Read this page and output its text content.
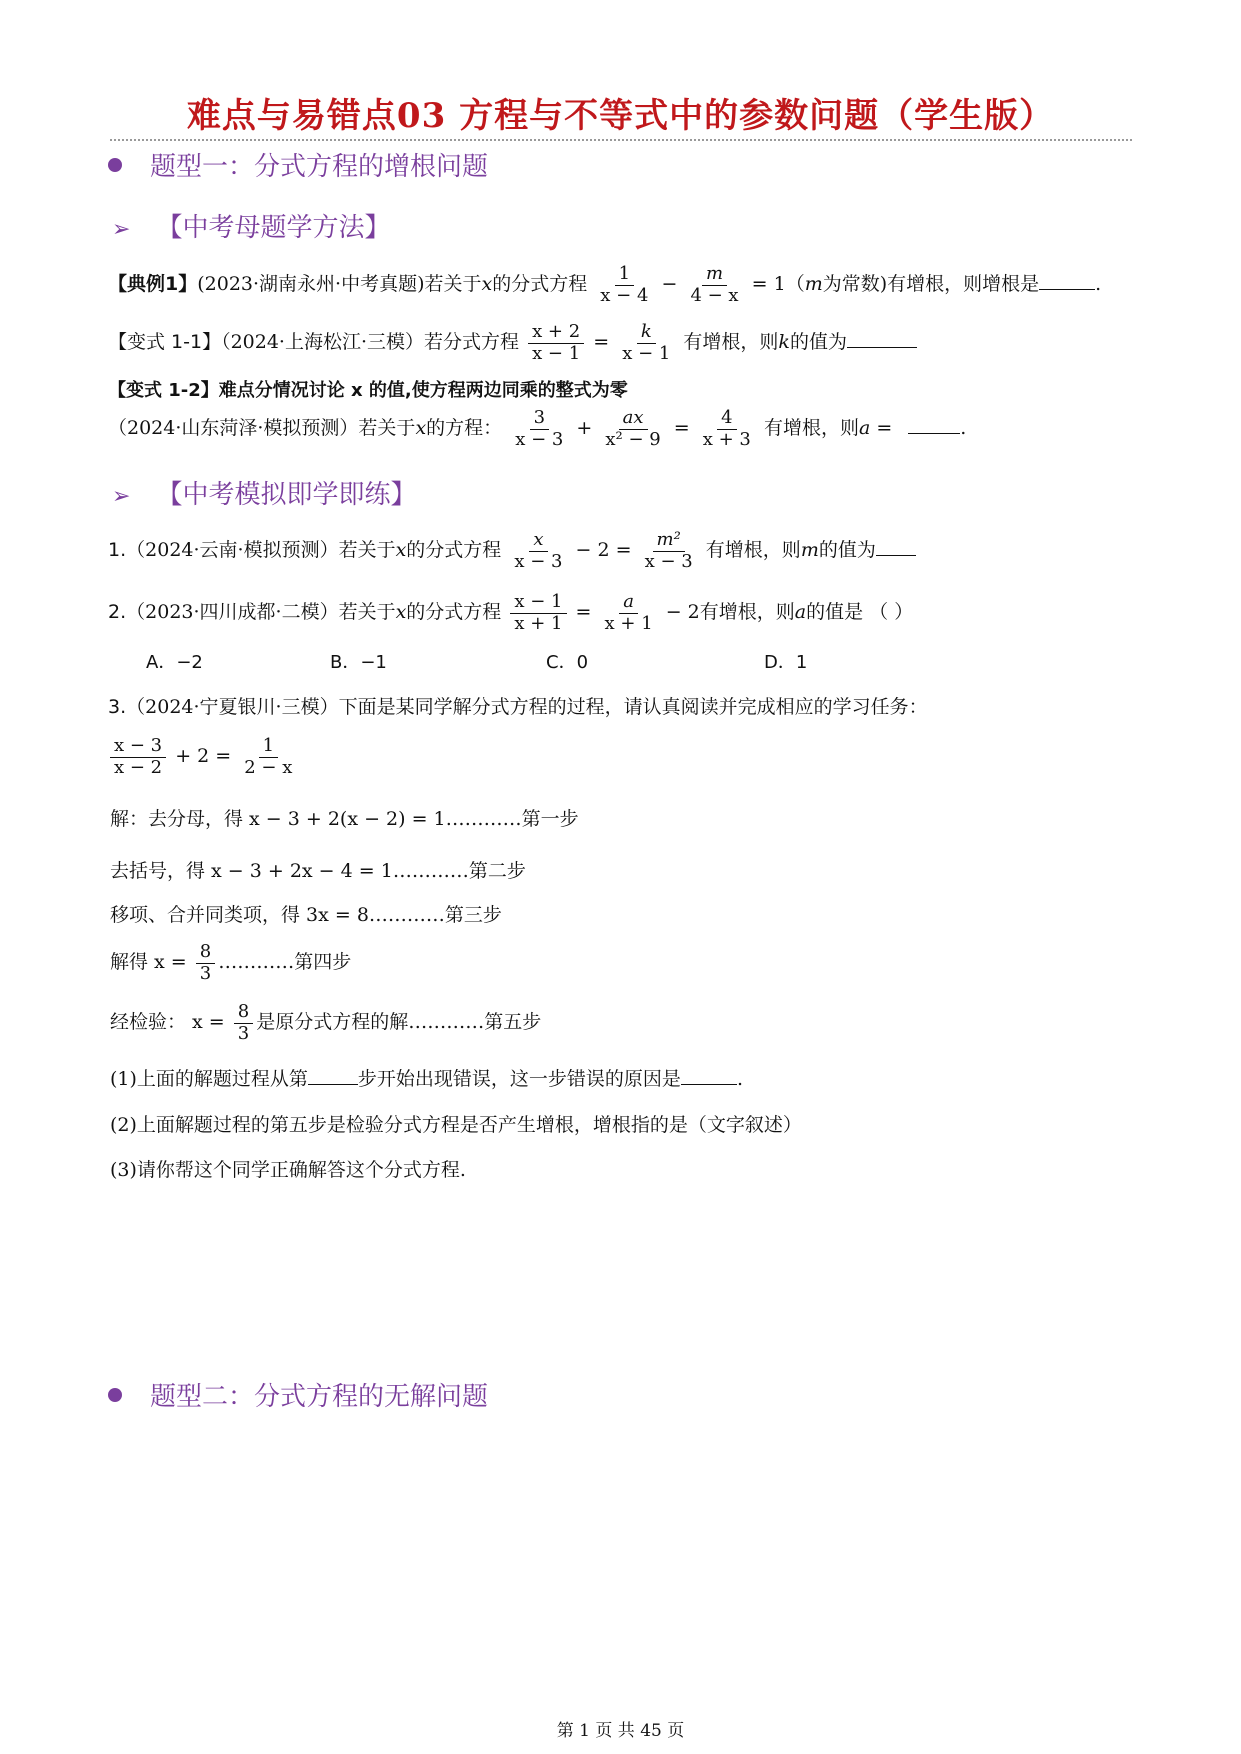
难点与易错点03 方程与不等式中的参数问题（学生版）
题型一：分式方程的增根问题
➢ 【中考母题学方法】
【典例1】(2023·湖南永州·中考真题)若关于x的分式方程 $\frac{1}{x - 4} - \frac{m}{4 - x} = 1(m$为常数)有增根，则增根是	.
【变式 1-1】（2024·上海松江·三模）若分式方程 $\frac{x + 2}{x - 1} = \frac{k}{x - 1}$ 有增根，则k的值为
【变式 1-2】难点分情况讨论 x 的值,使方程两边同乘的整式为零
（2024·山东菏泽·模拟预测）若关于x的方程： $\frac{3}{x - 3} + \frac{ax}{\text{x² − 9}} = \frac{4}{x + 3}$ 有增根，则a =	.
➢ 【中考模拟即学即练】
1.（2024·云南·模拟预测）若关于x的分式方程 $\frac{x}{x - 3} - 2 = \frac{\text{m²}}{x - 3}$ 有增根，则m的值为
2.（2023·四川成都·二模）若关于x的分式方程 $\frac{x - 1}{x + 1} = \frac{a}{x + 1} - 2$有增根，则a的值是 （ ）
A．−2	B．−1	C．0	D．1
3.（2024·宁夏银川·三模）下面是某同学解分式方程的过程，请认真阅读并完成相应的学习任务：
$\frac{x - 3}{x - 2} + 2 = \frac{1}{2 - x}$
解：去分母，得 x − 3 + 2(x − 2) = 1…………第一步
去括号，得 x − 3 + 2x − 4 = 1…………第二步
移项、合并同类项，得 3x = 8…………第三步
解得 $x = \frac{8}{3}$ …………第四步
经检验： $x = \frac{8}{3}$ 是原分式方程的解…………第五步
(1)上面的解题过程从第	步开始出现错误，这一步错误的原因是	.
(2)上面解题过程的第五步是检验分式方程是否产生增根，增根指的是（文字叙述）
(3)请你帮这个同学正确解答这个分式方程.
题型二：分式方程的无解问题
第 1 页 共 45 页
